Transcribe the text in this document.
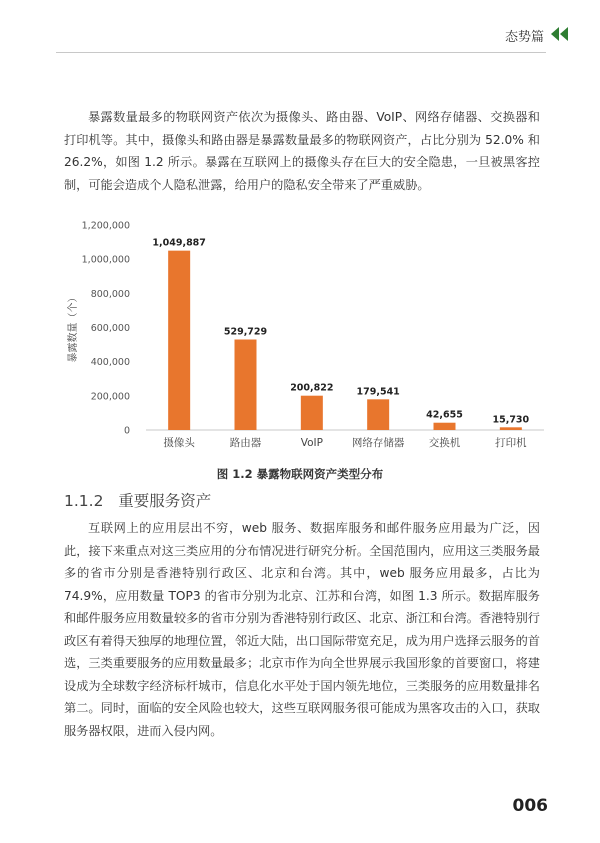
态势篇

暴露数量最多的物联网资产依次为摄像头、路由器、VoIP、网络存储器、交换器和打印机等。其中，摄像头和路由器是暴露数量最多的物联网资产，占比分别为 52.0% 和 26.2%，如图 1.2 所示。暴露在互联网上的摄像头存在巨大的安全隐患，一旦被黑客控制，可能会造成个人隐私泄露，给用户的隐私安全带来了严重威胁。

0
200,000
400,000
600,000
800,000
1,000,000
1,200,000
暴露数量（个）
1,049,887
摄像头
529,729
路由器
200,822
VoIP
179,541
网络存储器
42,655
交换机
15,730
打印机
图 1.2 暴露物联网资产类型分布
1.1.2 重要服务资产

互联网上的应用层出不穷，web 服务、数据库服务和邮件服务应用最为广泛，因此，接下来重点对这三类应用的分布情况进行研究分析。全国范围内，应用这三类服务最多的省市分别是香港特别行政区、北京和台湾。其中，web 服务应用最多，占比为 74.9%，应用数量 TOP3 的省市分别为北京、江苏和台湾，如图 1.3 所示。数据库服务和邮件服务应用数量较多的省市分别为香港特别行政区、北京、浙江和台湾。香港特别行政区有着得天独厚的地理位置，邻近大陆，出口国际带宽充足，成为用户选择云服务的首选，三类重要服务的应用数量最多；北京市作为向全世界展示我国形象的首要窗口，将建设成为全球数字经济标杆城市，信息化水平处于国内领先地位，三类服务的应用数量排名第二。同时，面临的安全风险也较大，这些互联网服务很可能成为黑客攻击的入口，获取服务器权限，进而入侵内网。

006
